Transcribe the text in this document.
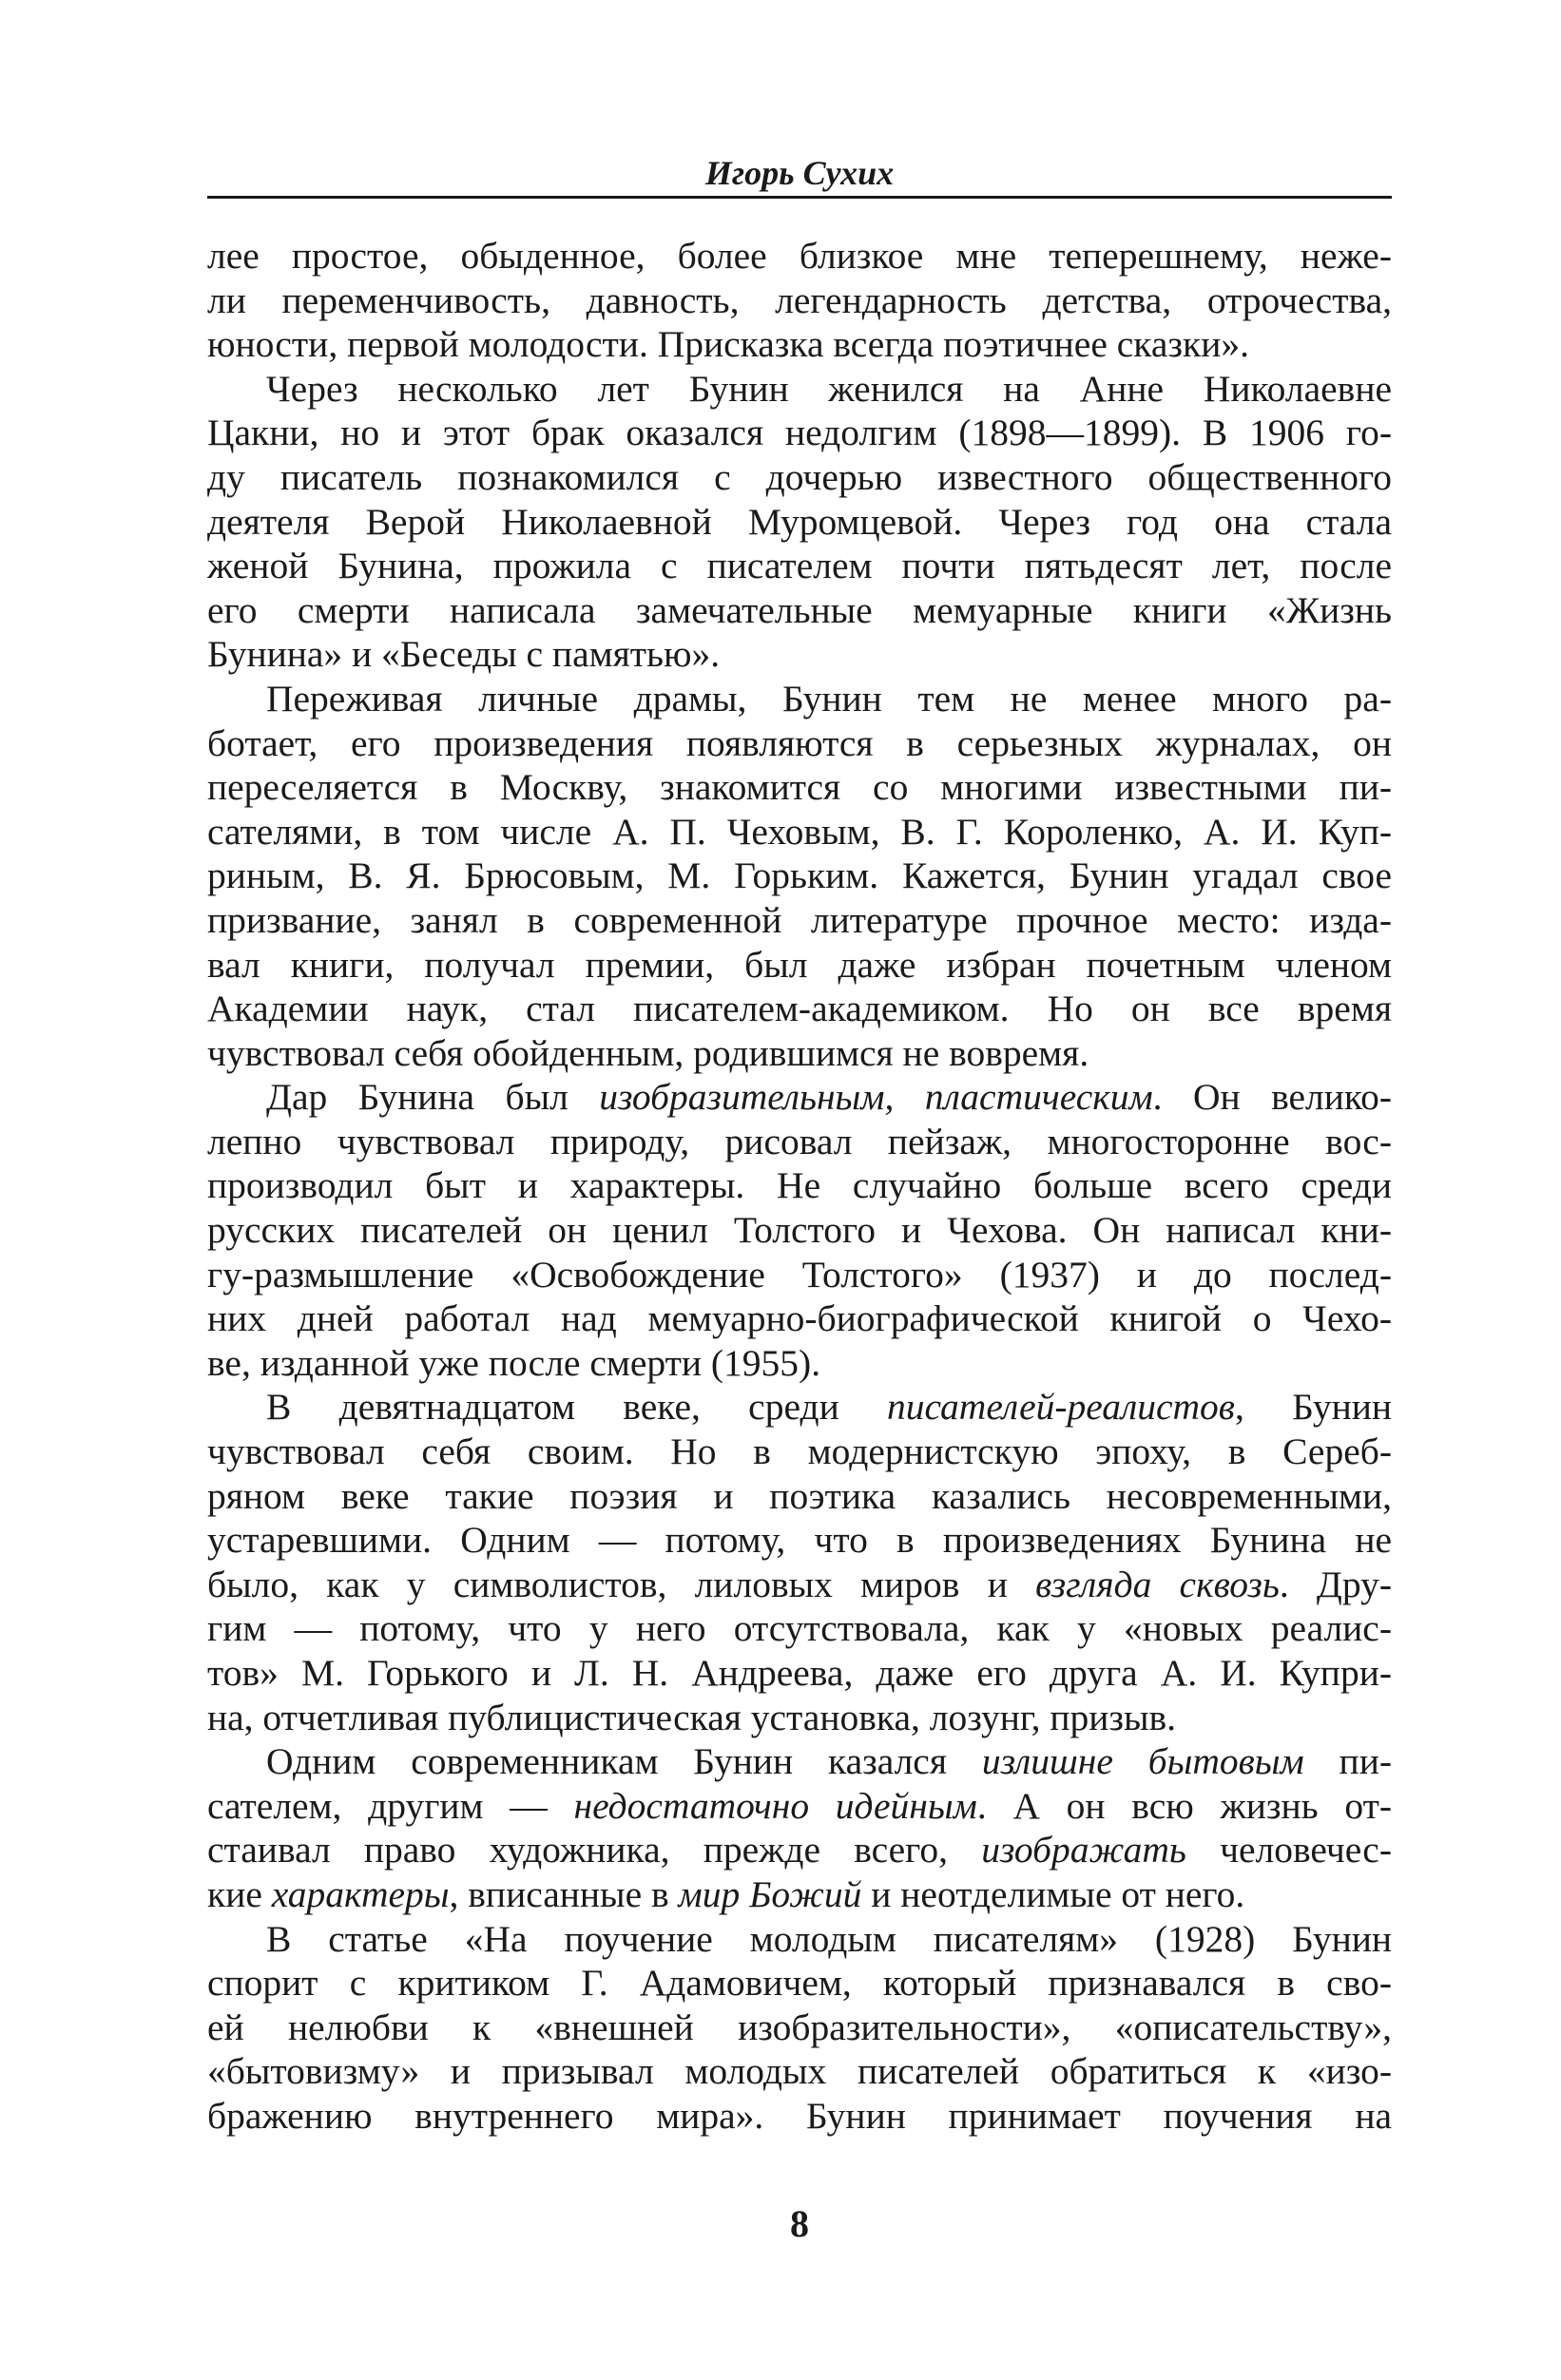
Игорь Сухих
лее простое, обыденное, более близкое мне теперешнему, неже-
ли переменчивость, давность, легендарность детства, отрочества,
юности, первой молодости. Присказка всегда поэтичнее сказки».
Через несколько лет Бунин женился на Анне Николаевне
Цакни, но и этот брак оказался недолгим (1898—1899). В 1906 го-
ду писатель познакомился с дочерью известного общественного
деятеля Верой Николаевной Муромцевой. Через год она стала
женой Бунина, прожила с писателем почти пятьдесят лет, после
его смерти написала замечательные мемуарные книги «Жизнь
Бунина» и «Беседы с памятью».
Переживая личные драмы, Бунин тем не менее много ра-
ботает, его произведения появляются в серьезных журналах, он
переселяется в Москву, знакомится со многими известными пи-
сателями, в том числе А. П. Чеховым, В. Г. Короленко, А. И. Куп-
риным, В. Я. Брюсовым, М. Горьким. Кажется, Бунин угадал свое
призвание, занял в современной литературе прочное место: изда-
вал книги, получал премии, был даже избран почетным членом
Академии наук, стал писателем-академиком. Но он все время
чувствовал себя обойденным, родившимся не вовремя.
Дар Бунина был изобразительным, пластическим. Он велико-
лепно чувствовал природу, рисовал пейзаж, многосторонне вос-
производил быт и характеры. Не случайно больше всего среди
русских писателей он ценил Толстого и Чехова. Он написал кни-
гу-размышление «Освобождение Толстого» (1937) и до послед-
них дней работал над мемуарно-биографической книгой о Чехо-
ве, изданной уже после смерти (1955).
В девятнадцатом веке, среди писателей-реалистов, Бунин
чувствовал себя своим. Но в модернистскую эпоху, в Сереб-
ряном веке такие поэзия и поэтика казались несовременными,
устаревшими. Одним — потому, что в произведениях Бунина не
было, как у символистов, лиловых миров и взгляда сквозь. Дру-
гим — потому, что у него отсутствовала, как у «новых реалис-
тов» М. Горького и Л. Н. Андреева, даже его друга А. И. Купри-
на, отчетливая публицистическая установка, лозунг, призыв.
Одним современникам Бунин казался излишне бытовым пи-
сателем, другим — недостаточно идейным. А он всю жизнь от-
стаивал право художника, прежде всего, изображать человечес-
кие характеры, вписанные в мир Божий и неотделимые от него.
В статье «На поучение молодым писателям» (1928) Бунин
спорит с критиком Г. Адамовичем, который признавался в сво-
ей нелюбви к «внешней изобразительности», «описательству»,
«бытовизму» и призывал молодых писателей обратиться к «изо-
бражению внутреннего мира». Бунин принимает поучения на
8
